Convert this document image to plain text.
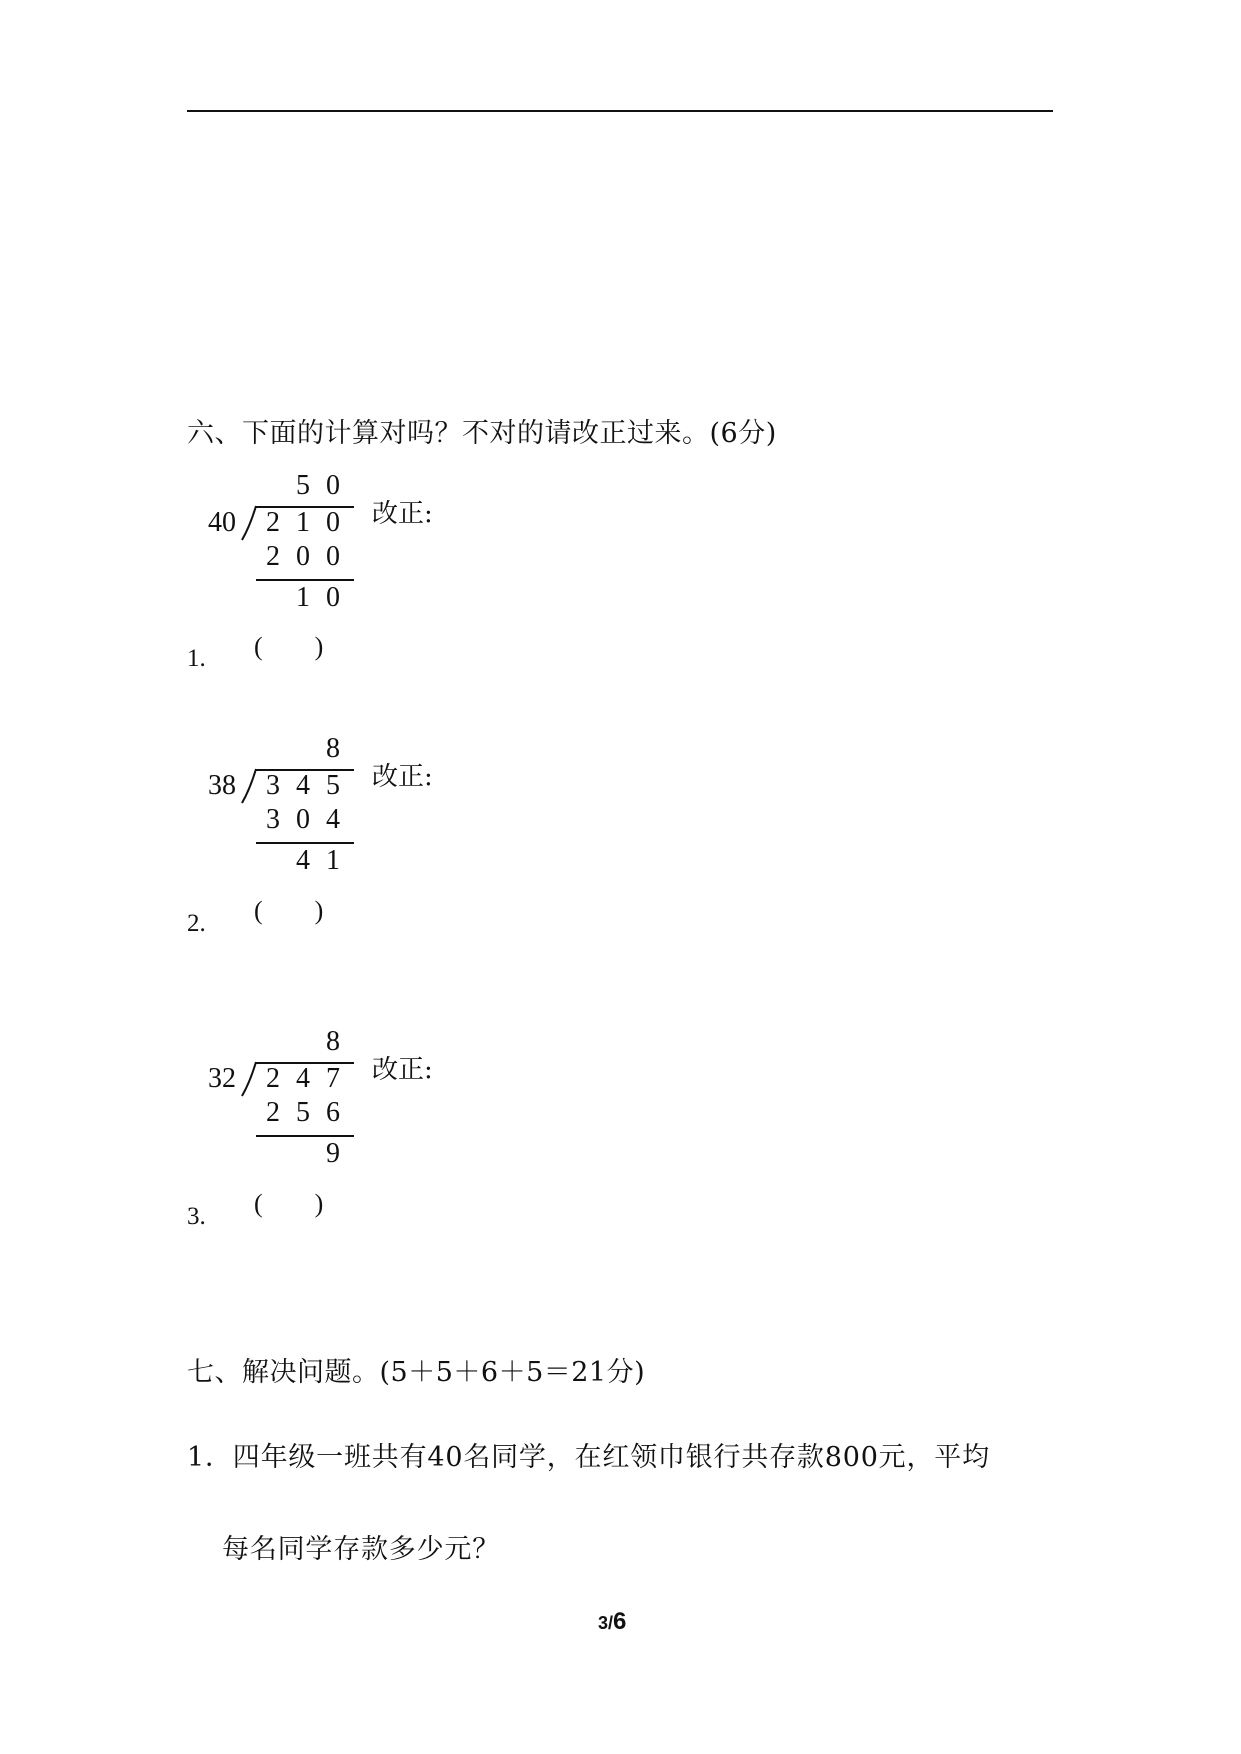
六、下面的计算对吗？不对的请改正过来。(6分)
5 0
40 2 1 0
2 0 0
1 0
改正:
1. (        )
8
38 3 4 5
3 0 4
4 1
改正:
2. (        )
8
32 2 4 7
2 5 6
9
改正:
3. (        )
七、解决问题。(5＋5＋6＋5＝21分)
1．四年级一班共有40名同学，在红领巾银行共存款800元，平均
每名同学存款多少元？
3/6
